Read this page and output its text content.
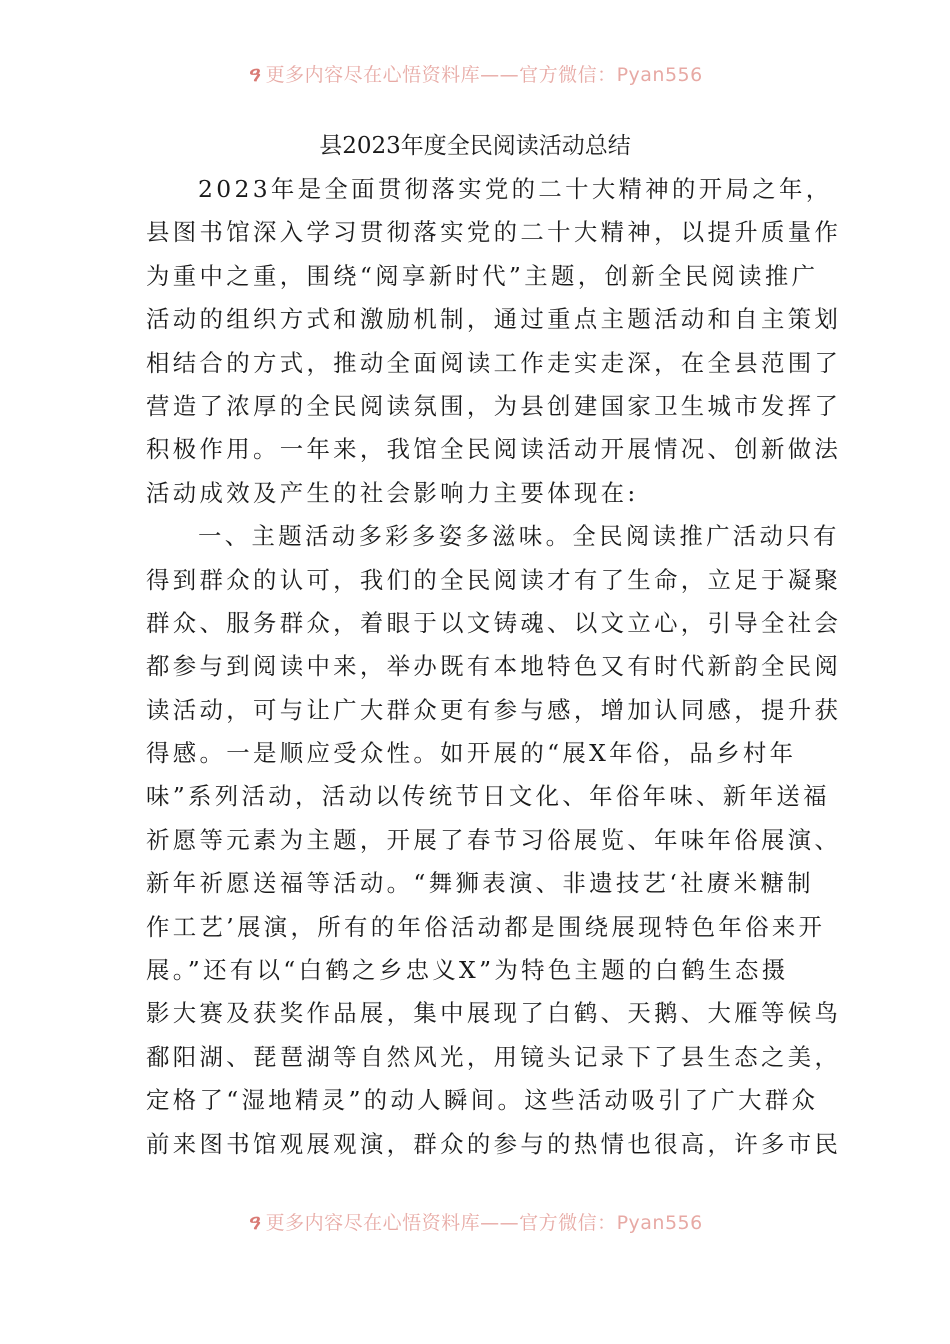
ዓ 更多内容尽在心悟资料库——官方微信：Pyan556
县2023年度全民阅读活动总结
2023年是全面贯彻落实党的二十大精神的开局之年，
县图书馆深入学习贯彻落实党的二十大精神，以提升质量作
为重中之重，围绕“阅享新时代”主题，创新全民阅读推广
活动的组织方式和激励机制，通过重点主题活动和自主策划
相结合的方式，推动全面阅读工作走实走深，在全县范围了
营造了浓厚的全民阅读氛围，为县创建国家卫生城市发挥了
积极作用。一年来，我馆全民阅读活动开展情况、创新做法
活动成效及产生的社会影响力主要体现在:
一、主题活动多彩多姿多滋味。全民阅读推广活动只有
得到群众的认可，我们的全民阅读才有了生命，立足于凝聚
群众、服务群众，着眼于以文铸魂、以文立心，引导全社会
都参与到阅读中来，举办既有本地特色又有时代新韵全民阅
读活动，可与让广大群众更有参与感，增加认同感，提升获
得感。一是顺应受众性。如开展的“展X年俗，品乡村年
味”系列活动，活动以传统节日文化、年俗年味、新年送福
祈愿等元素为主题，开展了春节习俗展览、年味年俗展演、
新年祈愿送福等活动。“舞狮表演、非遗技艺‘社赓米糖制
作工艺’展演，所有的年俗活动都是围绕展现特色年俗来开
展。”还有以“白鹤之乡忠义X”为特色主题的白鹤生态摄
影大赛及获奖作品展，集中展现了白鹤、天鹅、大雁等候鸟
鄱阳湖、琵琶湖等自然风光，用镜头记录下了县生态之美，
定格了“湿地精灵”的动人瞬间。这些活动吸引了广大群众
前来图书馆观展观演，群众的参与的热情也很高，许多市民
ዓ 更多内容尽在心悟资料库——官方微信：Pyan556
